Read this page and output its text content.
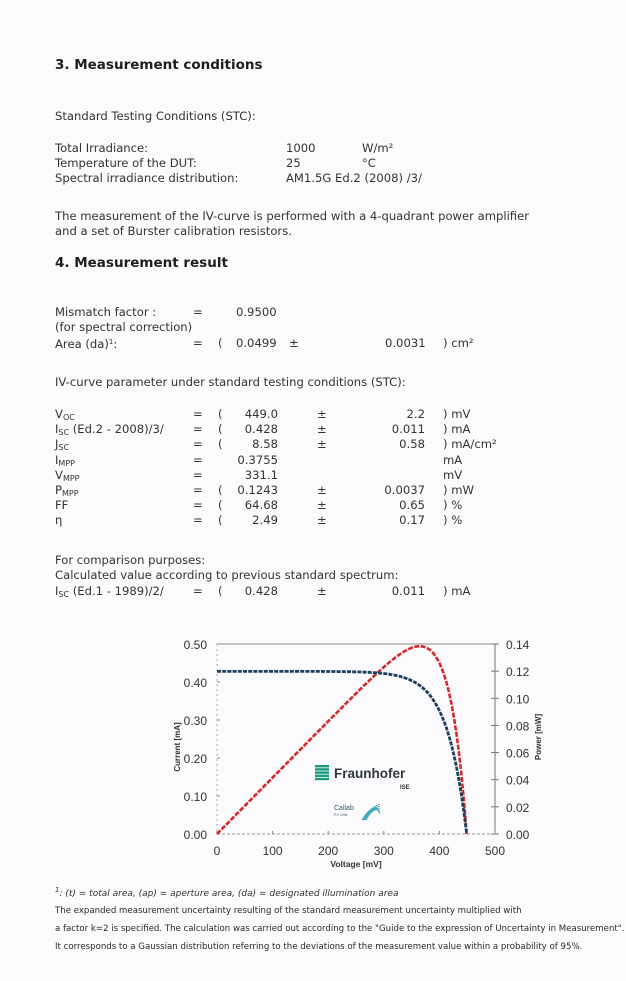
3. Measurement conditions
Standard Testing Conditions (STC):
Total Irradiance:	1000	W/m²
Temperature of the DUT:	25	°C
Spectral irradiance distribution:	AM1.5G Ed.2 (2008) /3/
The measurement of the IV-curve is performed with a 4-quadrant power amplifier
and a set of Burster calibration resistors.
4. Measurement result
Mismatch factor :	=	0.9500
(for spectral correction)
Area (da)$^1$:	= ( 0.0499 ±	0.0031 ) cm²
IV-curve parameter under standard testing conditions (STC):
$V_{OC}$	= (	449.0	±	2.2 ) mV
$I_{SC}$ (Ed.2 - 2008)/3/	= (	0.428	±	0.011 ) mA
$J_{SC}$	= (	8.58	±	0.58 ) mA/cm²
$I_{MPP}$	=	0.3755	mA
$V_{MPP}$	=	331.1	mV
$P_{MPP}$	= ( 0.1243	±	0.0037 ) mW
FF	= (	64.68	±	0.65 ) %
η	= (	2.49	±	0.17 ) %
For comparison purposes:
Calculated value according to previous standard spectrum:
$I_{SC}$ (Ed.1 - 1989)/2/	= (	0.428	±	0.011 ) mA
0	100	200	300	400	500
0.00
0.10
0.20
0.30
0.40
0.50
0.00
0.02
0.04
0.06
0.08
0.10
0.12
0.14
Voltage [mV]
Current [mA]	Power [mW]
Fraunhofer
ISE
Callab
PV Cells
$^1$: (t) = total area, (ap) = aperture area, (da) = designated illumination area
The expanded measurement uncertainty resulting of the standard measurement uncertainty multiplied with
a factor k=2 is specified. The calculation was carried out according to the "Guide to the expression of Uncertainty in Measurement".
It corresponds to a Gaussian distribution referring to the deviations of the measurement value within a probability of 95%.
